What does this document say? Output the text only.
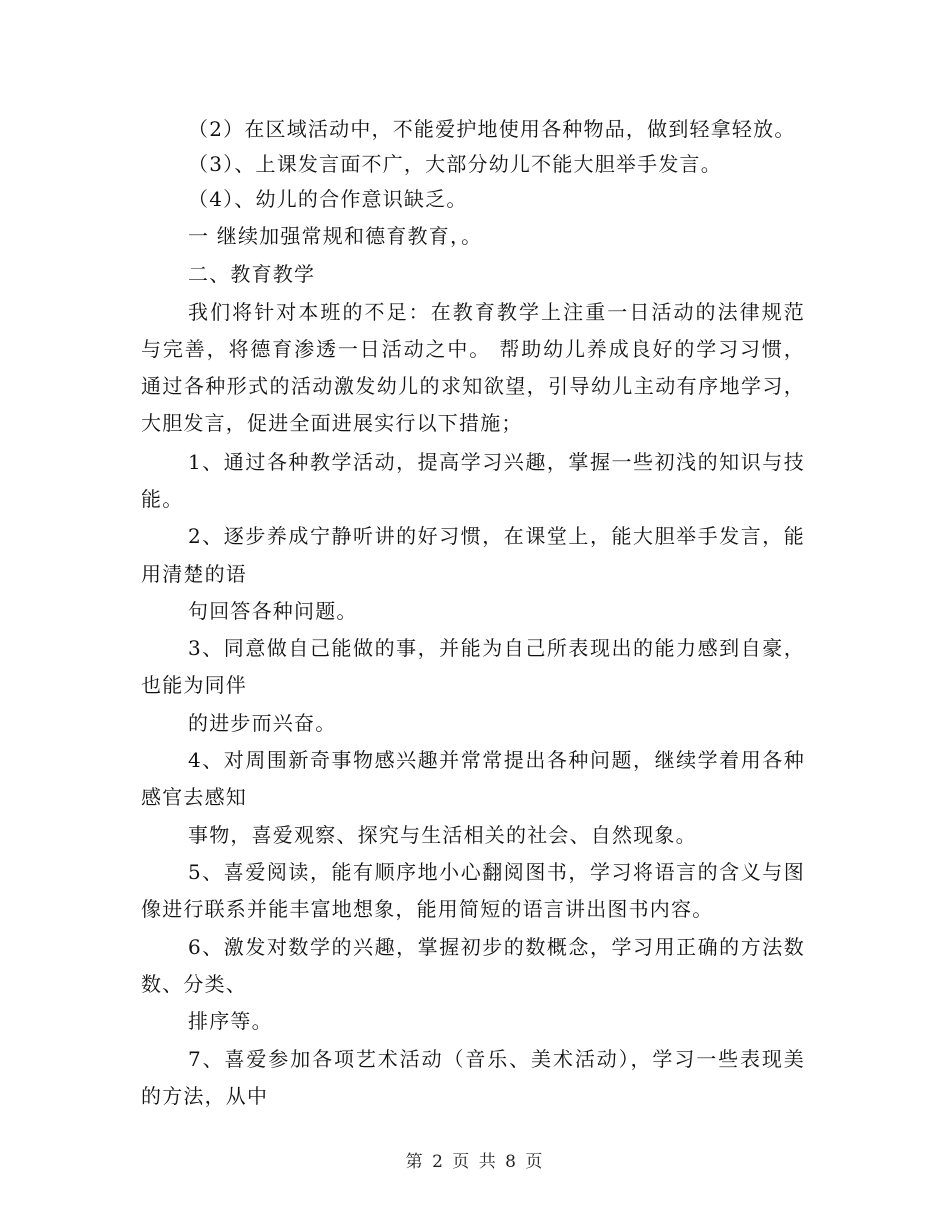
（2）在区域活动中，不能爱护地使用各种物品，做到轻拿轻放。
（3）、上课发言面不广，大部分幼儿不能大胆举手发言。
（4）、幼儿的合作意识缺乏。
一 继续加强常规和德育教育，。
二、教育教学
我们将针对本班的不足：在教育教学上注重一日活动的法律规范
与完善，将德育渗透一日活动之中。 帮助幼儿养成良好的学习习惯，
通过各种形式的活动激发幼儿的求知欲望，引导幼儿主动有序地学习，
大胆发言，促进全面进展实行以下措施；
1、通过各种教学活动，提高学习兴趣，掌握一些初浅的知识与技
能。
2、逐步养成宁静听讲的好习惯，在课堂上，能大胆举手发言，能
用清楚的语
句回答各种问题。
3、同意做自己能做的事，并能为自己所表现出的能力感到自豪，
也能为同伴
的进步而兴奋。
4、对周围新奇事物感兴趣并常常提出各种问题，继续学着用各种
感官去感知
事物，喜爱观察、探究与生活相关的社会、自然现象。
5、喜爱阅读，能有顺序地小心翻阅图书，学习将语言的含义与图
像进行联系并能丰富地想象，能用简短的语言讲出图书内容。
6、激发对数学的兴趣，掌握初步的数概念，学习用正确的方法数
数、分类、
排序等。
7、喜爱参加各项艺术活动（音乐、美术活动），学习一些表现美
的方法，从中
第 2 页 共 8 页
